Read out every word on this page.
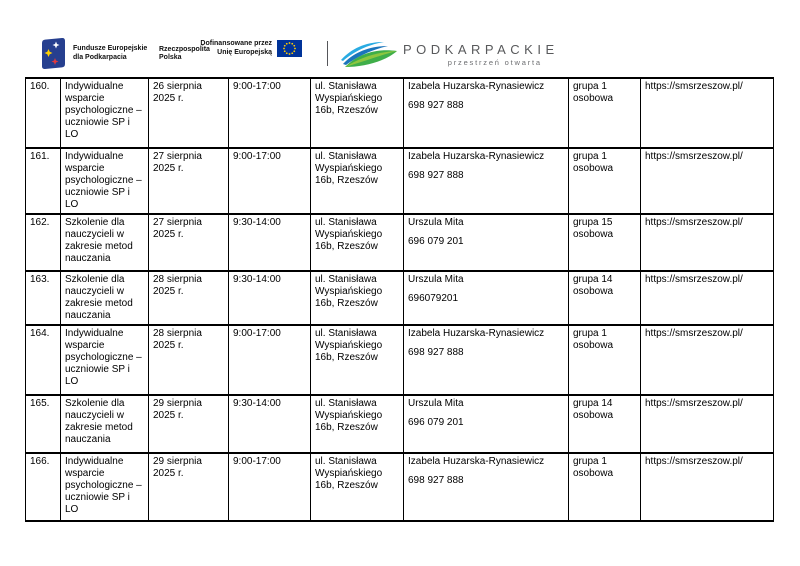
Fundusze Europejskie
dla Podkarpacia
Rzeczpospolita
Polska
Dofinansowane przez
Unię Europejską	PODKARPACKIE
przestrzeń otwarta
160.	Indywidualne wsparcie psychologiczne –uczniowie SP i LO	26 sierpnia 2025 r.	9:00-17:00	ul. Stanisława Wyspiańskiego 16b, Rzeszów	Izabela Huzarska-Rynasiewicz
698 927 888	grupa 1 osobowa	https://smsrzeszow.pl/
161.	Indywidualne wsparcie psychologiczne –uczniowie SP i LO	27 sierpnia 2025 r.	9:00-17:00	ul. Stanisława Wyspiańskiego 16b, Rzeszów	Izabela Huzarska-Rynasiewicz
698 927 888	grupa 1 osobowa	https://smsrzeszow.pl/
162.	Szkolenie dla nauczycieli w zakresie metod nauczania	27 sierpnia 2025 r.	9:30-14:00	ul. Stanisława Wyspiańskiego 16b, Rzeszów	Urszula Mita
696 079 201	grupa 15 osobowa	https://smsrzeszow.pl/
163.	Szkolenie dla nauczycieli w zakresie metod nauczania	28 sierpnia 2025 r.	9:30-14:00	ul. Stanisława Wyspiańskiego 16b, Rzeszów	Urszula Mita
696079201	grupa 14 osobowa	https://smsrzeszow.pl/
164.	Indywidualne wsparcie psychologiczne –uczniowie SP i LO	28 sierpnia 2025 r.	9:00-17:00	ul. Stanisława Wyspiańskiego 16b, Rzeszów	Izabela Huzarska-Rynasiewicz
698 927 888	grupa 1 osobowa	https://smsrzeszow.pl/
165.	Szkolenie dla nauczycieli w zakresie metod nauczania	29 sierpnia 2025 r.	9:30-14:00	ul. Stanisława Wyspiańskiego 16b, Rzeszów	Urszula Mita
696 079 201	grupa 14 osobowa	https://smsrzeszow.pl/
166.	Indywidualne wsparcie psychologiczne –uczniowie SP i LO	29 sierpnia 2025 r.	9:00-17:00	ul. Stanisława Wyspiańskiego 16b, Rzeszów	Izabela Huzarska-Rynasiewicz
698 927 888	grupa 1 osobowa	https://smsrzeszow.pl/
